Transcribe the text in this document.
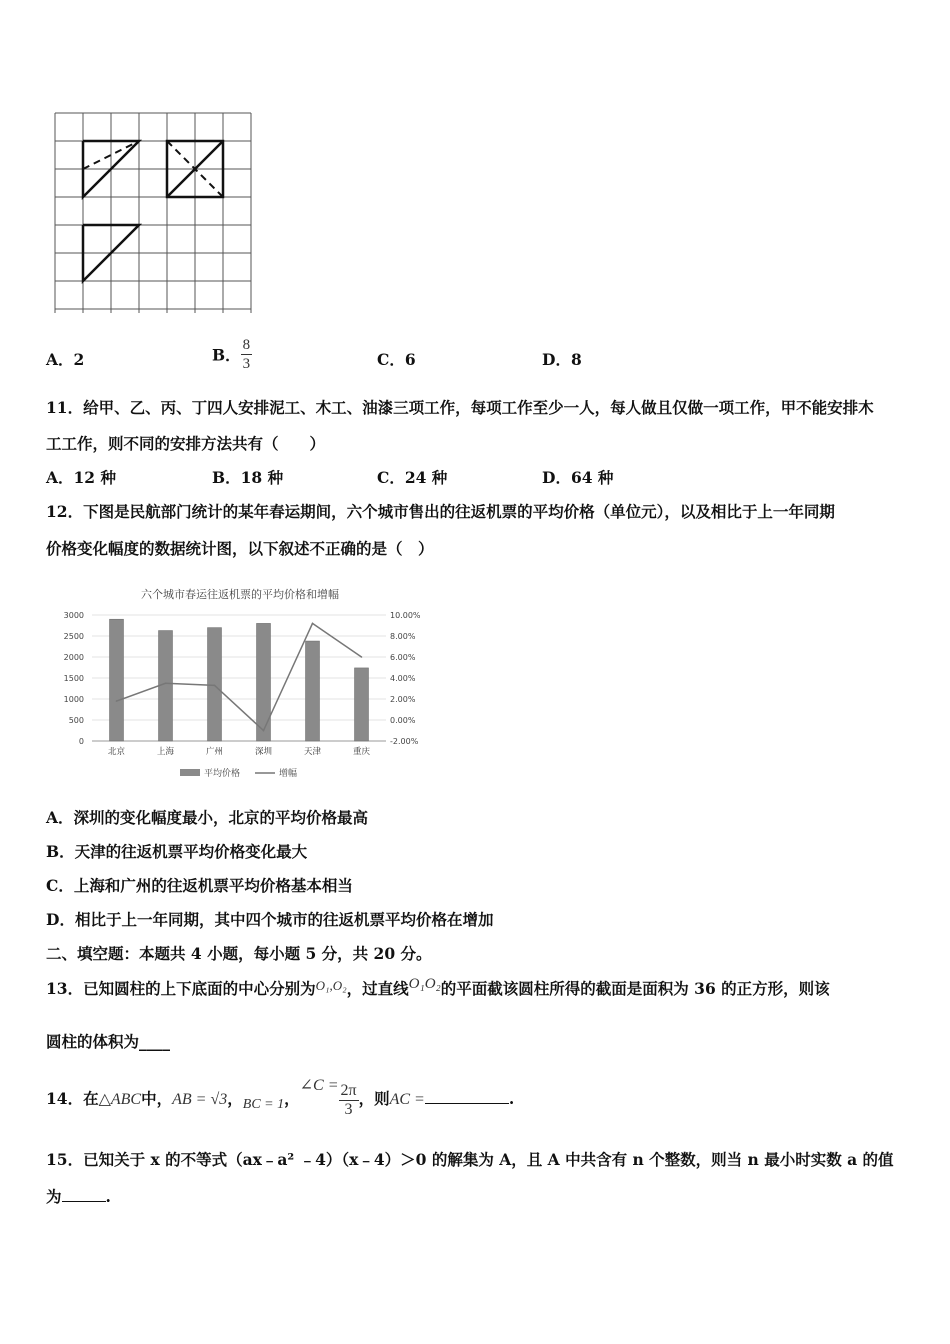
A．2	B． $\frac{8}{3}$	C．6	D．8
11．给甲、乙、丙、丁四人安排泥工、木工、油漆三项工作，每项工作至少一人，每人做且仅做一项工作，甲不能安排木
工工作，则不同的安排方法共有（　　）
A．12 种	B．18 种	C．24 种	D．64 种
12．下图是民航部门统计的某年春运期间，六个城市售出的往返机票的平均价格（单位元），以及相比于上一年同期
价格变化幅度的数据统计图，以下叙述不正确的是（　）
六个城市春运往返机票的平均价格和增幅
0
500
1000
1500
2000
2500
3000
-2.00%
0.00%
2.00%
4.00%
6.00%
8.00%
10.00%
北京	上海	广州	深圳	天津	重庆
平均价格	增幅
A．深圳的变化幅度最小，北京的平均价格最高
B．天津的往返机票平均价格变化最大
C．上海和广州的往返机票平均价格基本相当
D．相比于上一年同期，其中四个城市的往返机票平均价格在增加
二、填空题：本题共 4 小题，每小题 5 分，共 20 分。
13．已知圆柱的上下底面的中心分别为$^{O_1,O_2}$，过直线O₁O₂的平面截该圆柱所得的截面是面积为 36 的正方形，则该
圆柱的体积为____
14．在△ABC中，AB = √3，BC = 1，∠C = $\frac{2\pi}{3}$ ，则AC =	.
15．已知关于 x 的不等式（ax﹣a² ﹣4）（x﹣4）＞0 的解集为 A，且 A 中共含有 n 个整数，则当 n 最小时实数 a 的值
为	.
